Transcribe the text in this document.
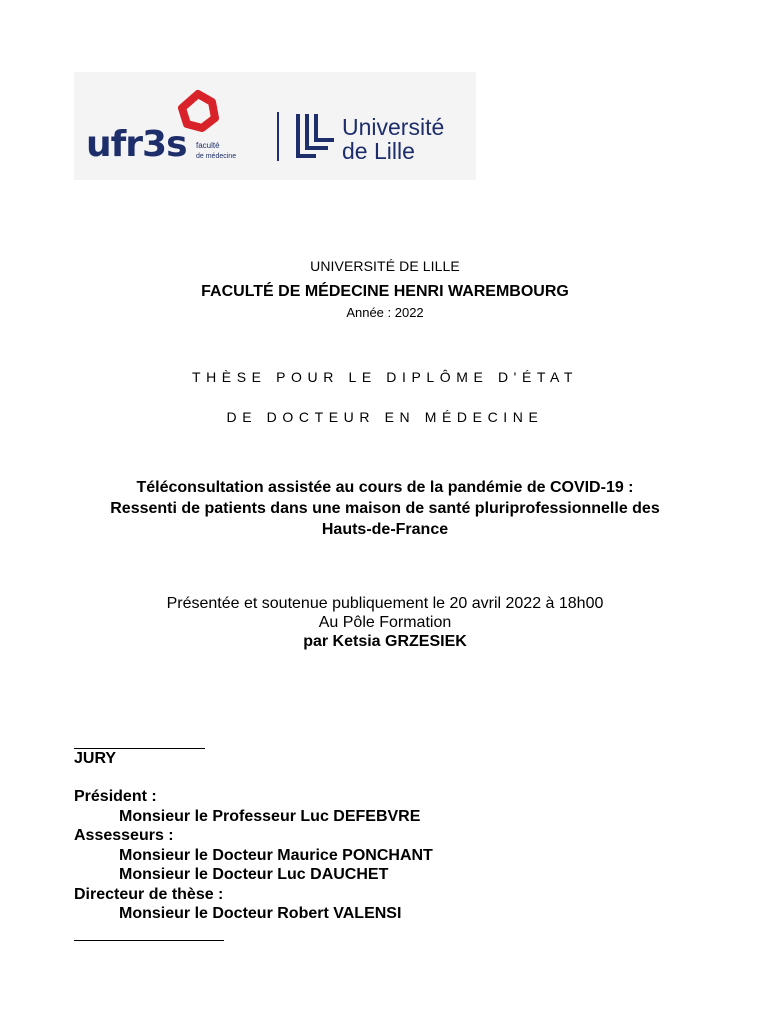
ufr3s faculté
de médecine
Université
de Lille
UNIVERSITÉ DE LILLE
FACULTÉ DE MÉDECINE HENRI WAREMBOURG
Année : 2022
THÈSE POUR LE DIPLÔME D'ÉTAT
DE DOCTEUR EN MÉDECINE
Téléconsultation assistée au cours de la pandémie de COVID-19 :
Ressenti de patients dans une maison de santé pluriprofessionnelle des
Hauts-de-France
Présentée et soutenue publiquement le 20 avril 2022 à 18h00
Au Pôle Formation
par Ketsia GRZESIEK
JURY
Président :
Monsieur le Professeur Luc DEFEBVRE
Assesseurs :
Monsieur le Docteur Maurice PONCHANT
Monsieur le Docteur Luc DAUCHET
Directeur de thèse :
Monsieur le Docteur Robert VALENSI
